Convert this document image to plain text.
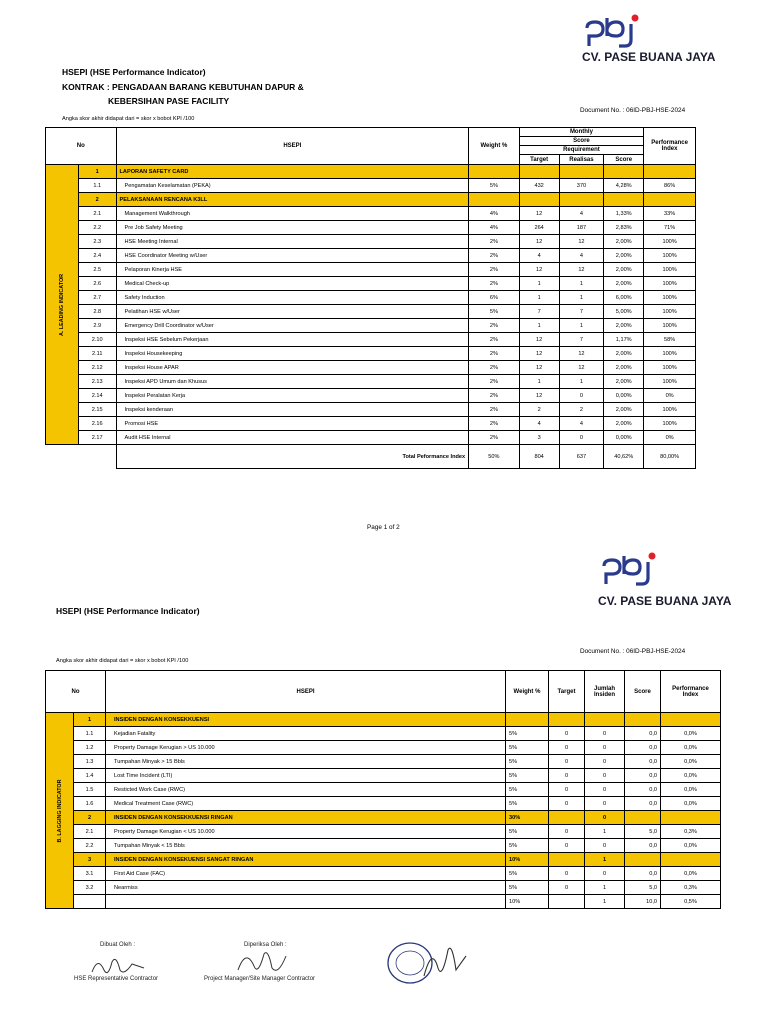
CV. PASE BUANA JAYA
HSEPI (HSE Performance Indicator)
KONTRAK : PENGADAAN BARANG KEBUTUHAN DAPUR &
KEBERSIHAN PASE FACILITY
Document No. : 06ID-PBJ-HSE-2024
Angka skor akhir didapat dari = skor x bobot KPI /100
No		HSEPI	Weight %	Monthly			Performance Index
				Score			
				Requirement			
				Target	Realisas	Score	

A. LEADING INDICATOR	1	LAPORAN SAFETY CARD					
	1.1	Pengamatan Keselamatan (PEKA)	5%	432	370	4,28%	86%
	2	PELAKSANAAN RENCANA K3LL					
	2.1	Management Walkthrough	4%	12	4	1,33%	33%
	2.2	Pre Job Safety Meeting	4%	264	187	2,83%	71%
	2.3	HSE Meeting Internal	2%	12	12	2,00%	100%
	2.4	HSE Coordinator Meeting w/User	2%	4	4	2,00%	100%
	2.5	Pelaporan Kinerja HSE	2%	12	12	2,00%	100%
	2.6	Medical Check-up	2%	1	1	2,00%	100%
	2.7	Safety Induction	6%	1	1	6,00%	100%
	2.8	Pelatihan HSE w/User	5%	7	7	5,00%	100%
	2.9	Emergency Drill Coordinator w/User	2%	1	1	2,00%	100%
	2.10	Inspeksi HSE Sebelum Pekerjaan	2%	12	7	1,17%	58%
	2.11	Inspeksi Housekeeping	2%	12	12	2,00%	100%
	2.12	Inspeksi House APAR	2%	12	12	2,00%	100%
	2.13	Inspeksi APD Umum dan Khusus	2%	1	1	2,00%	100%
	2.14	Inspeksi Peralatan Kerja	2%	12	0	0,00%	0%
	2.15	Inspeksi kenderaan	2%	2	2	2,00%	100%
	2.16	Promosi HSE	2%	4	4	2,00%	100%
	2.17	Audit HSE Internal	2%	3	0	0,00%	0%
		Total Peformance Index	50%	804	637	40,62%	80,00%
Page 1 of 2
CV. PASE BUANA JAYA
HSEPI (HSE Performance Indicator)
Document No. : 06ID-PBJ-HSE-2024
Angka skor akhir didapat dari = skor x bobot KPI /100
No		HSEPI	Weight %	Target	Jumlah Insiden	Score	Performance Index

B. LAGGING INDICATOR	1	INSIDEN DENGAN KONSEKKUENSI					
	1.1	Kejadian Fatality	5%	0	0	0,0	0,0%
	1.2	Property Damage Kerugian > US 10.000	5%	0	0	0,0	0,0%
	1.3	Tumpahan Minyak > 15 Bbls	5%	0	0	0,0	0,0%
	1.4	Lost Time Incident (LTI)	5%	0	0	0,0	0,0%
	1.5	Resticted Work Case (RWC)	5%	0	0	0,0	0,0%
	1.6	Medical Treatment Case (RWC)	5%	0	0	0,0	0,0%
	2	INSIDEN DENGAN KONSEKKUENSI RINGAN	30%		0		
	2.1	Property Damage Kerugian < US 10.000	5%	0	1	5,0	0,3%
	2.2	Tumpahan Minyak < 15 Bbls	5%	0	0	0,0	0,0%
	3	INSIDEN DENGAN KONSEKUENSI SANGAT RINGAN	10%		1		
	3.1	First Aid Case (FAC)	5%	0	0	0,0	0,0%
	3.2	Nearmiss	5%	0	1	5,0	0,3%
			10%		1	10,0	0,5%
Dibuat Oleh :	Diperiksa Oleh :
HSE Representative Contractor	Project Manager/Site Manager Contractor
